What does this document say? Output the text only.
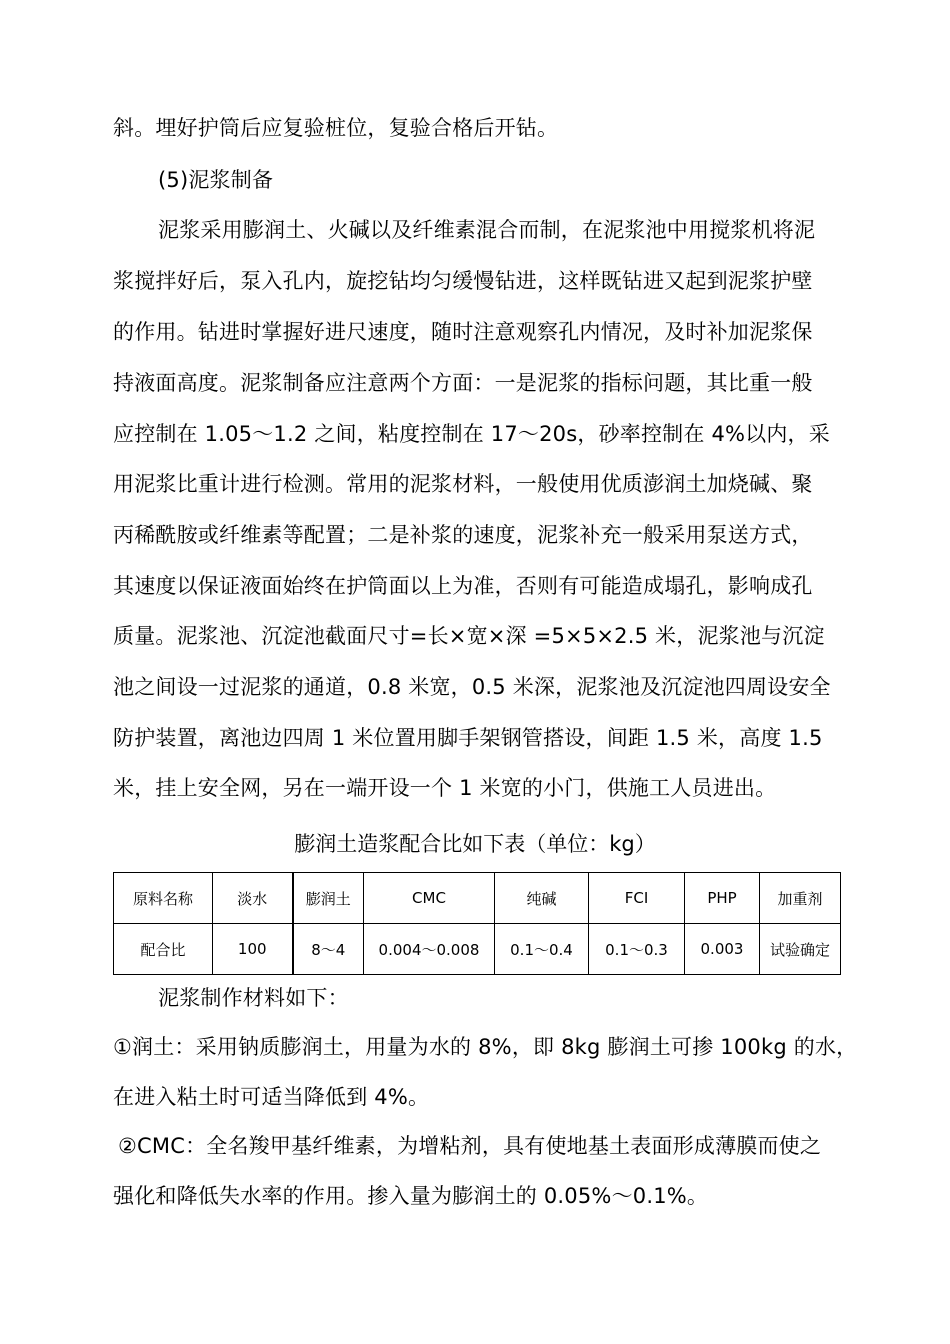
斜。埋好护筒后应复验桩位，复验合格后开钻。
(5)泥浆制备
泥浆采用膨润土、火碱以及纤维素混合而制，在泥浆池中用搅浆机将泥
浆搅拌好后，泵入孔内，旋挖钻均匀缓慢钻进，这样既钻进又起到泥浆护壁
的作用。钻进时掌握好进尺速度，随时注意观察孔内情况，及时补加泥浆保
持液面高度。泥浆制备应注意两个方面：一是泥浆的指标问题，其比重一般
应控制在 1.05～1.2 之间，粘度控制在 17～20s，砂率控制在 4%以内，采
用泥浆比重计进行检测。常用的泥浆材料，一般使用优质澎润土加烧碱、聚
丙稀酰胺或纤维素等配置；二是补浆的速度，泥浆补充一般采用泵送方式，
其速度以保证液面始终在护筒面以上为准，否则有可能造成塌孔，影响成孔
质量。泥浆池、沉淀池截面尺寸=长×宽×深 =5×5×2.5 米，泥浆池与沉淀
池之间设一过泥浆的通道，0.8 米宽，0.5 米深，泥浆池及沉淀池四周设安全
防护装置，离池边四周 1 米位置用脚手架钢管搭设，间距 1.5 米，高度 1.5
米，挂上安全网，另在一端开设一个 1 米宽的小门，供施工人员进出。
膨润土造浆配合比如下表（单位：kg）
原料名称	淡水	膨润土	CMC	纯碱	FCI	PHP	加重剂
配合比	100	8～4	0.004～0.008	0.1～0.4	0.1～0.3	0.003	试验确定
泥浆制作材料如下：
①润土：采用钠质膨润土，用量为水的 8%，即 8kg 膨润土可掺 100kg 的水，
在进入粘土时可适当降低到 4%。
②CMC：全名羧甲基纤维素，为增粘剂，具有使地基土表面形成薄膜而使之
强化和降低失水率的作用。掺入量为膨润土的 0.05%～0.1%。
